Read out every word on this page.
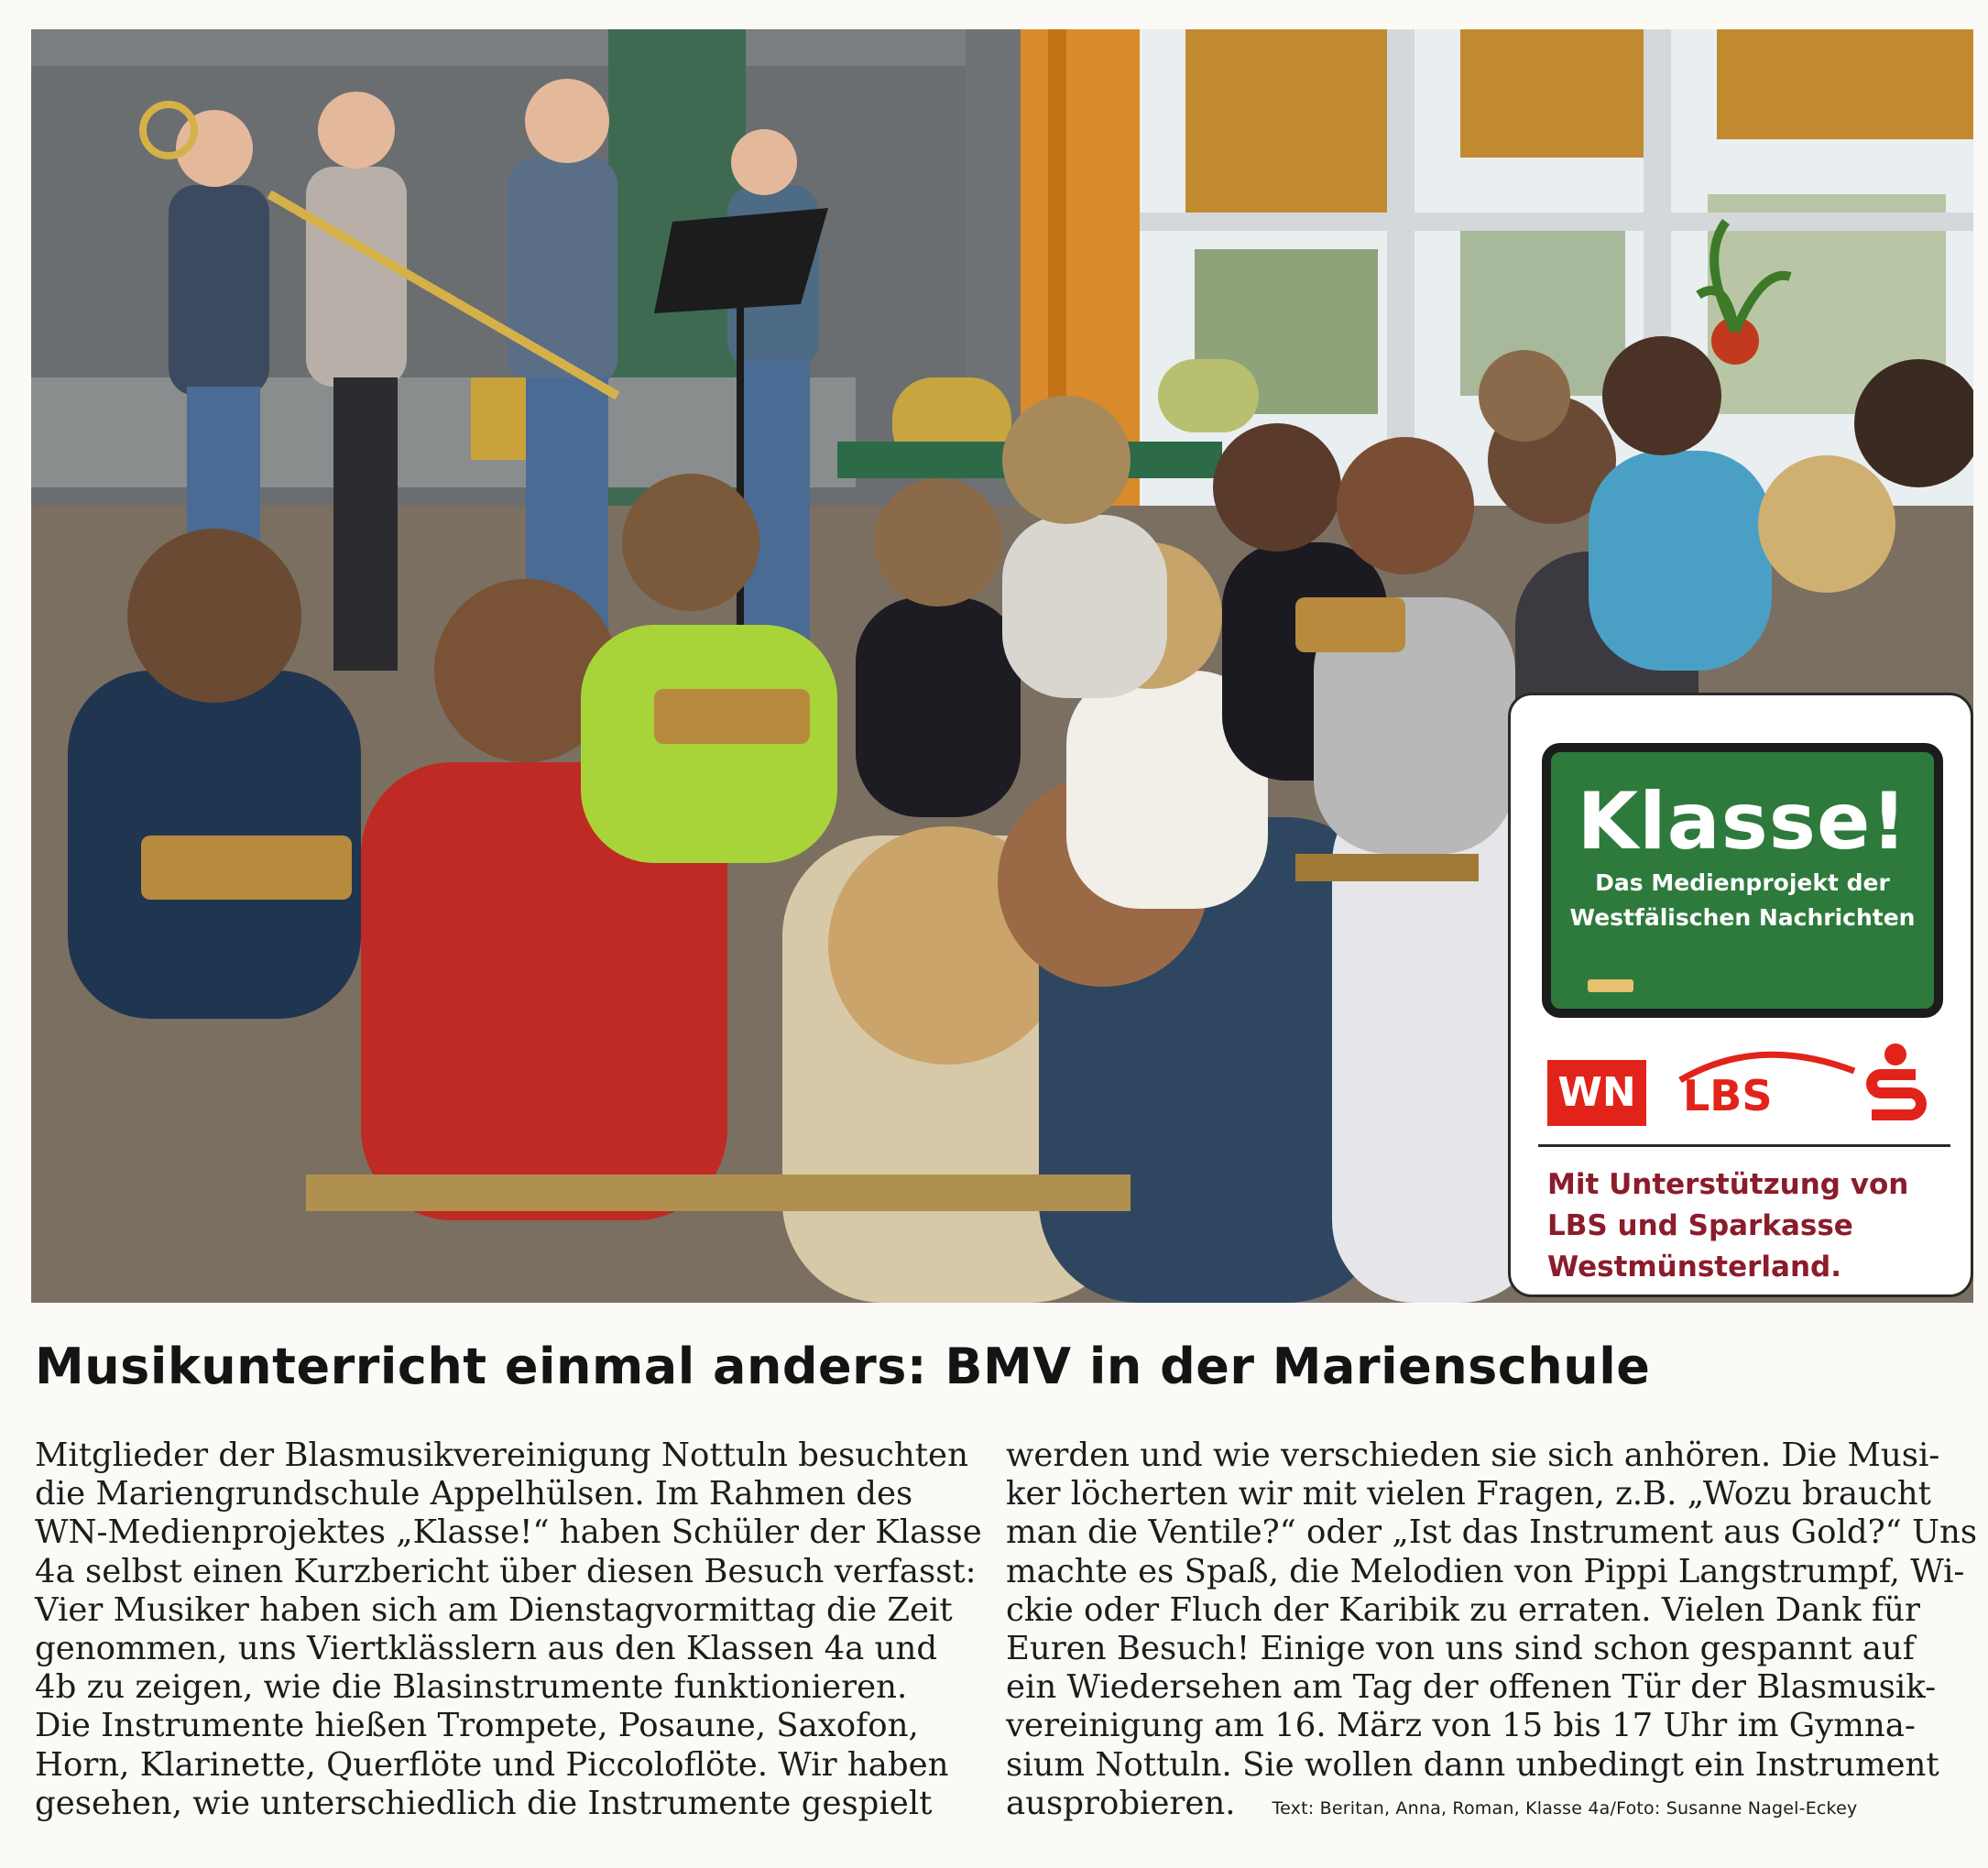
Klasse!
Das Medienprojekt der
Westfälischen Nachrichten
WN LBS
Mit Unterstützung von
LBS und Sparkasse
Westmünsterland.
Musikunterricht einmal anders: BMV in der Marienschule

Mitglieder der Blasmusikvereinigung Nottuln besuchten

die Mariengrundschule Appelhülsen. Im Rahmen des

WN-Medienprojektes „Klasse!“ haben Schüler der Klasse

4a selbst einen Kurzbericht über diesen Besuch verfasst:

Vier Musiker haben sich am Dienstagvormittag die Zeit

genommen, uns Viertklässlern aus den Klassen 4a und

4b zu zeigen, wie die Blasinstrumente funktionieren.

Die Instrumente hießen Trompete, Posaune, Saxofon,

Horn, Klarinette, Querflöte und Piccoloflöte. Wir haben

gesehen, wie unterschiedlich die Instrumente gespielt

werden und wie verschieden sie sich anhören. Die Musi-

ker löcherten wir mit vielen Fragen, z.B. „Wozu braucht

man die Ventile?“ oder „Ist das Instrument aus Gold?“ Uns

machte es Spaß, die Melodien von Pippi Langstrumpf, Wi-

ckie oder Fluch der Karibik zu erraten. Vielen Dank für

Euren Besuch! Einige von uns sind schon gespannt auf

ein Wiedersehen am Tag der offenen Tür der Blasmusik-

vereinigung am 16. März von 15 bis 17 Uhr im Gymna-

sium Nottuln. Sie wollen dann unbedingt ein Instrument

ausprobieren. Text: Beritan, Anna, Roman, Klasse 4a/Foto: Susanne Nagel-Eckey
